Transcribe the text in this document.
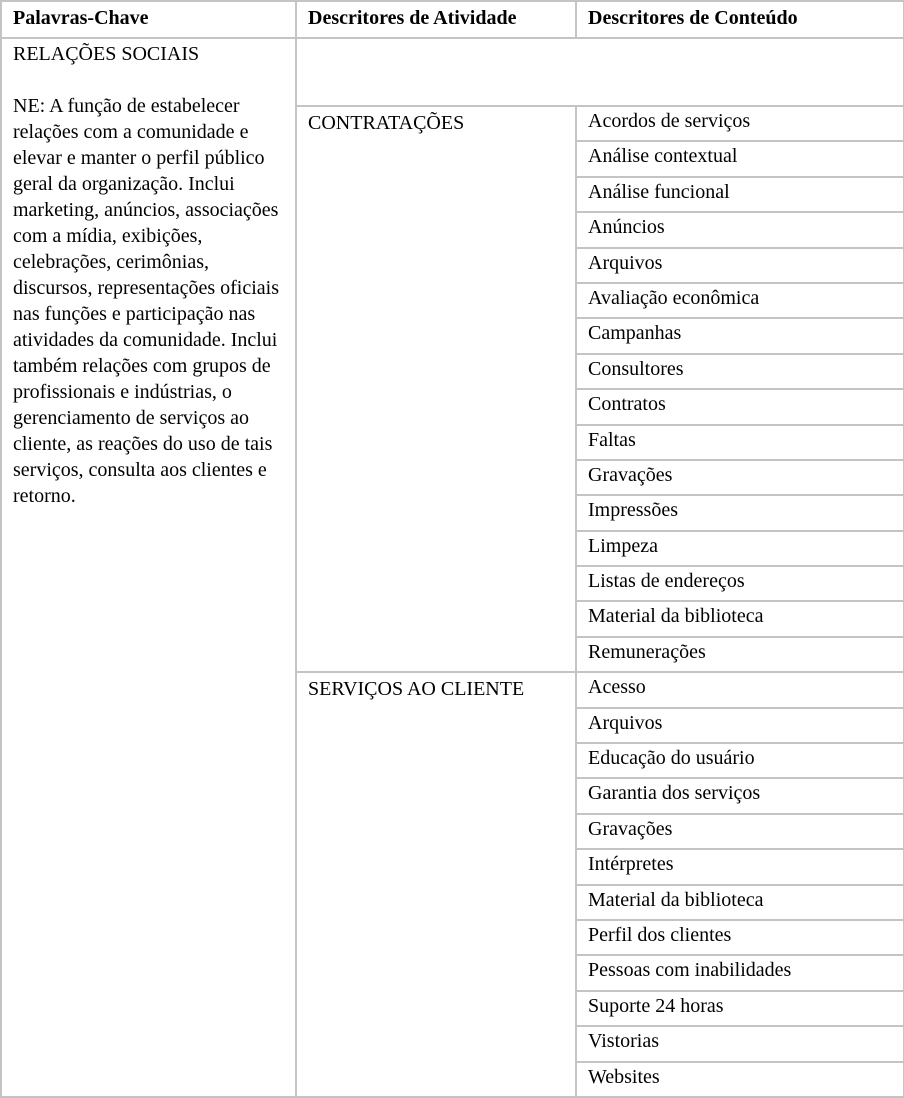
Palavras-Chave	Descritores de Atividade	Descritores de Conteúdo

RELAÇÕES SOCIAIS
NE: A função de estabelecer relações com a comunidade e elevar e manter o perfil público geral da organização. Inclui marketing, anúncios, associações com a mídia, exibições, celebrações, cerimônias, discursos, representações oficiais nas funções e participação nas atividades da comunidade. Inclui também relações com grupos de profissionais e indústrias, o gerenciamento de serviços ao cliente, as reações do uso de tais serviços, consulta aos clientes e retorno.		

	CONTRATAÇÕES	Acordos de serviços
		Análise contextual
		Análise funcional
		Anúncios
		Arquivos
		Avaliação econômica
		Campanhas
		Consultores
		Contratos
		Faltas
		Gravações
		Impressões
		Limpeza
		Listas de endereços
		Material da biblioteca
		Remunerações
	SERVIÇOS AO CLIENTE	Acesso
		Arquivos
		Educação do usuário
		Garantia dos serviços
		Gravações
		Intérpretes
		Material da biblioteca
		Perfil dos clientes
		Pessoas com inabilidades
		Suporte 24 horas
		Vistorias
		Websites
